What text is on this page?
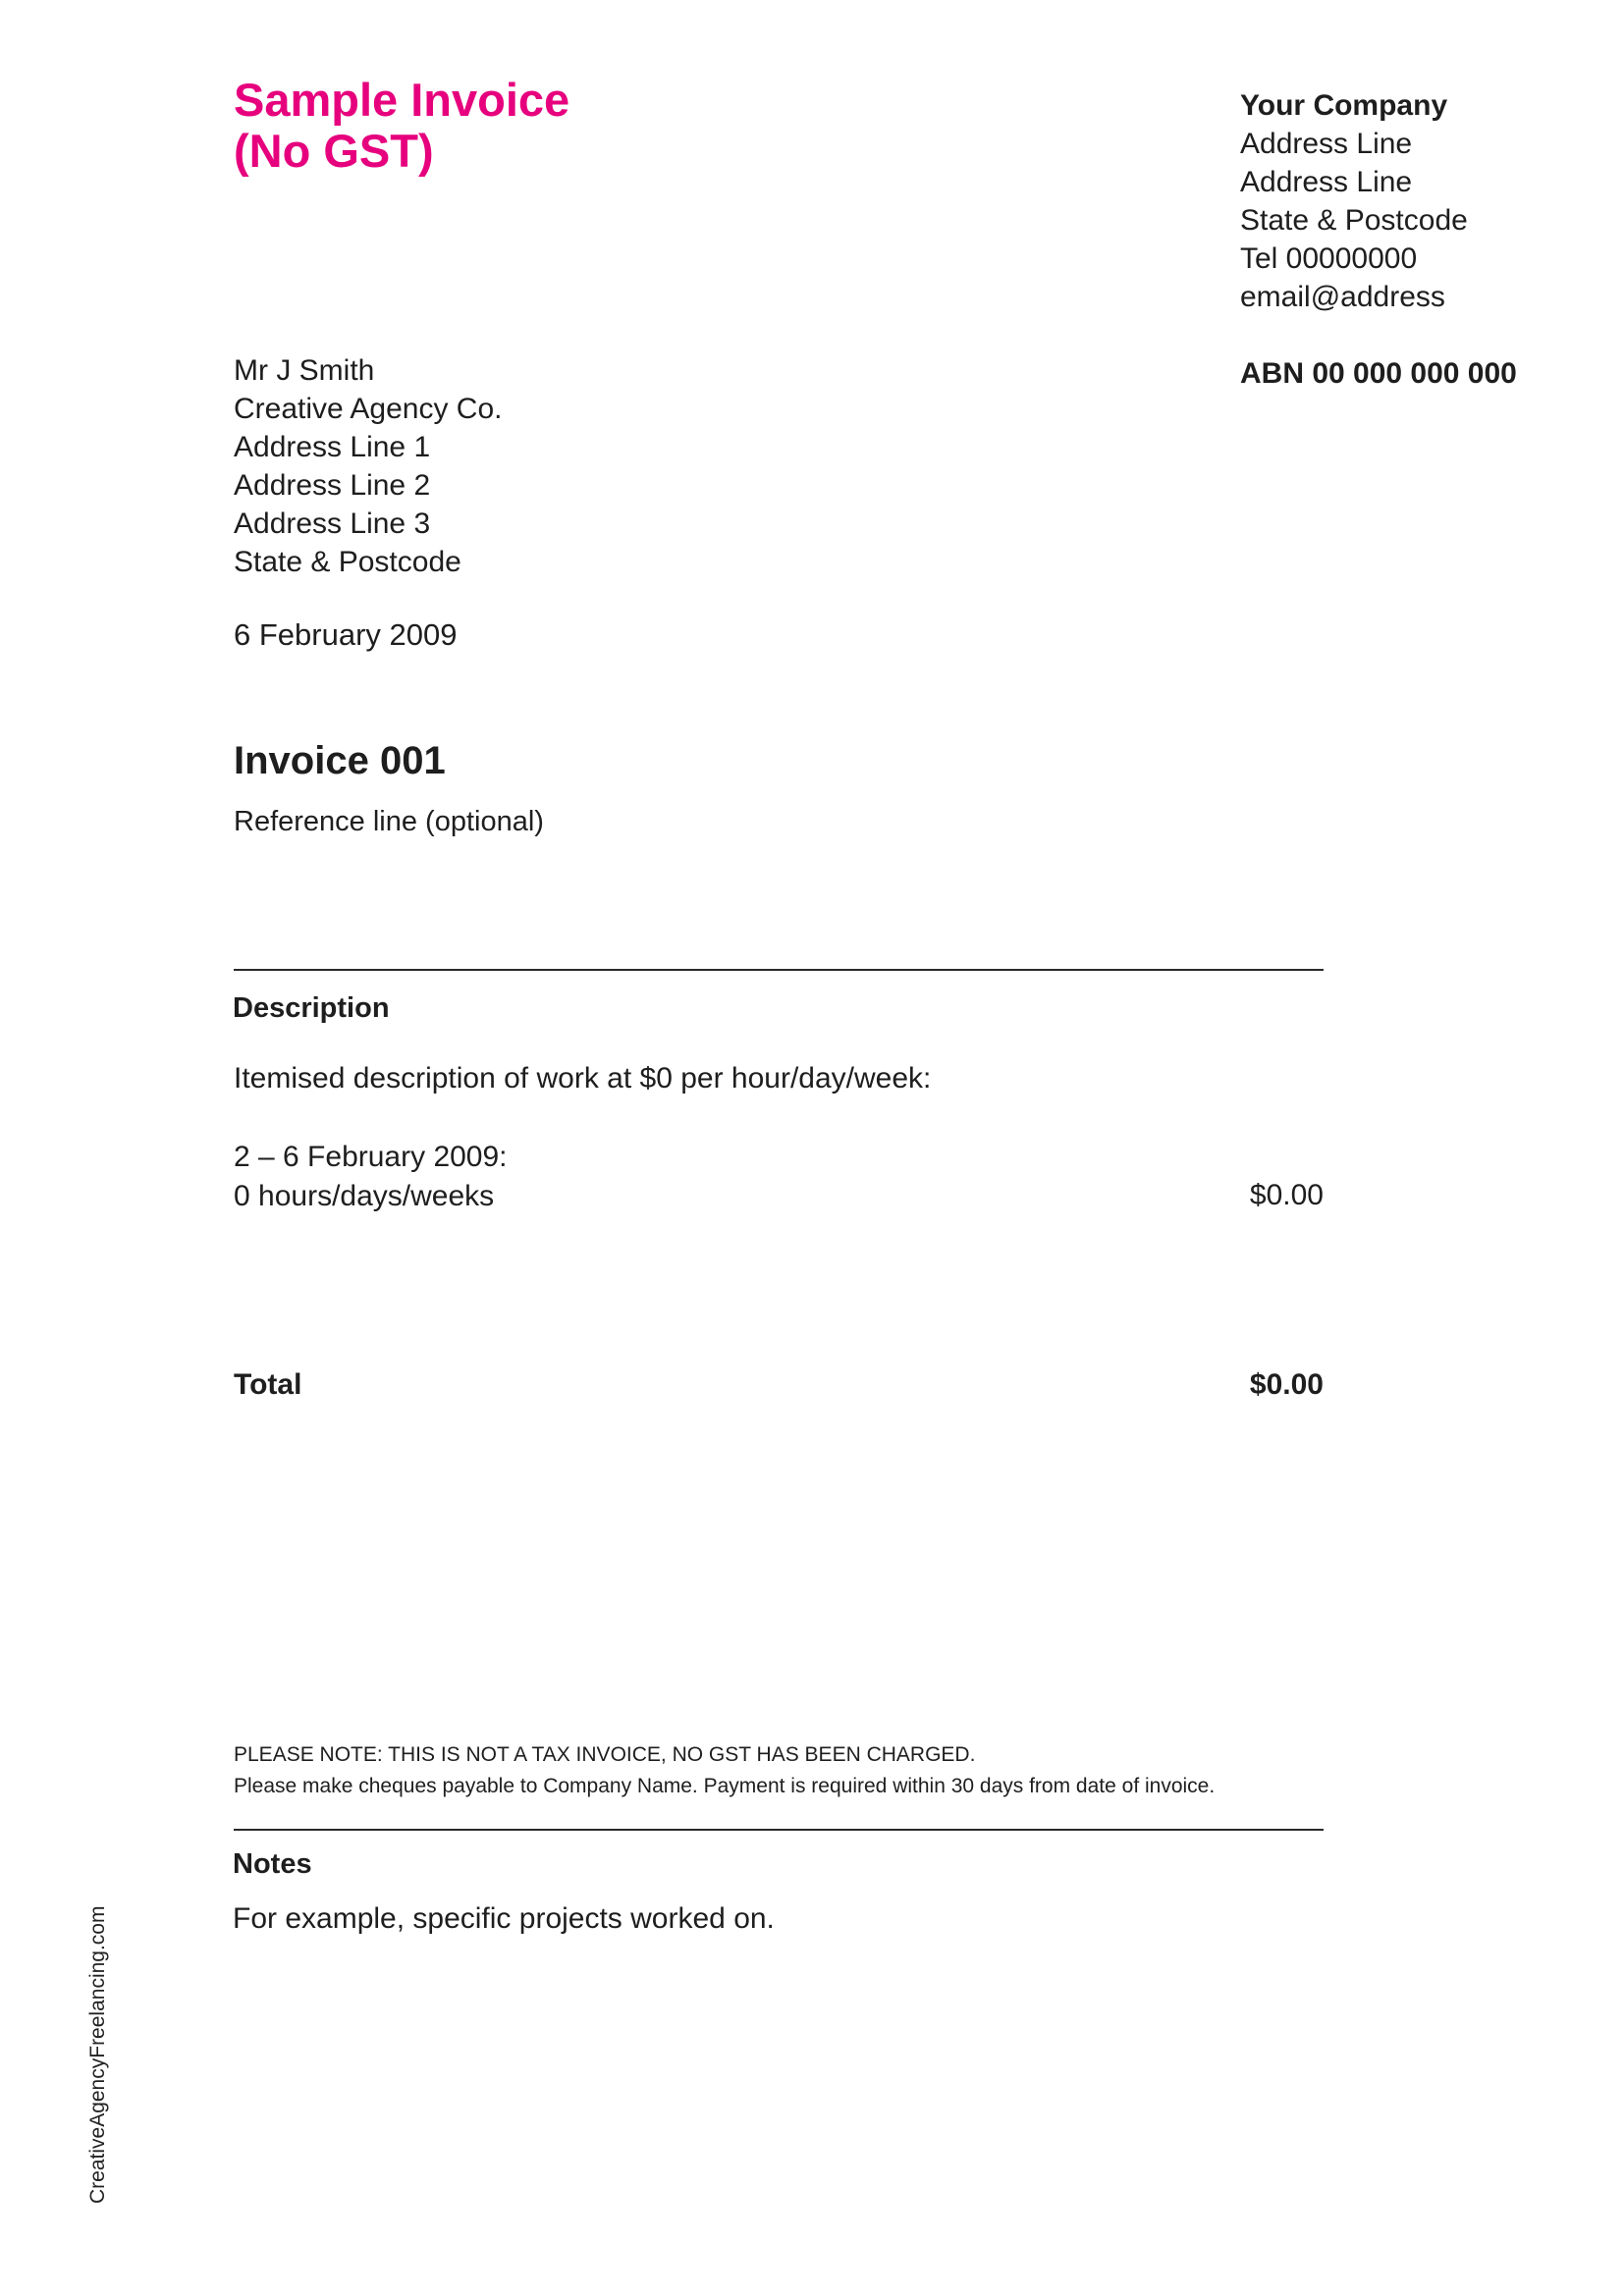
Sample Invoice
(No GST)
Your Company
Address Line
Address Line
State & Postcode
Tel 00000000
email@address
ABN 00 000 000 000
Mr J Smith
Creative Agency Co.
Address Line 1
Address Line 2
Address Line 3
State & Postcode
6 February 2009
Invoice 001
Reference line (optional)
Description
Itemised description of work at $0 per hour/day/week:
2 – 6 February 2009:
0 hours/days/weeks	$0.00
Total	$0.00
PLEASE NOTE: THIS IS NOT A TAX INVOICE, NO GST HAS BEEN CHARGED.
Please make cheques payable to Company Name. Payment is required within 30 days from date of invoice.
Notes
For example, specific projects worked on.
CreativeAgencyFreelancing.com
